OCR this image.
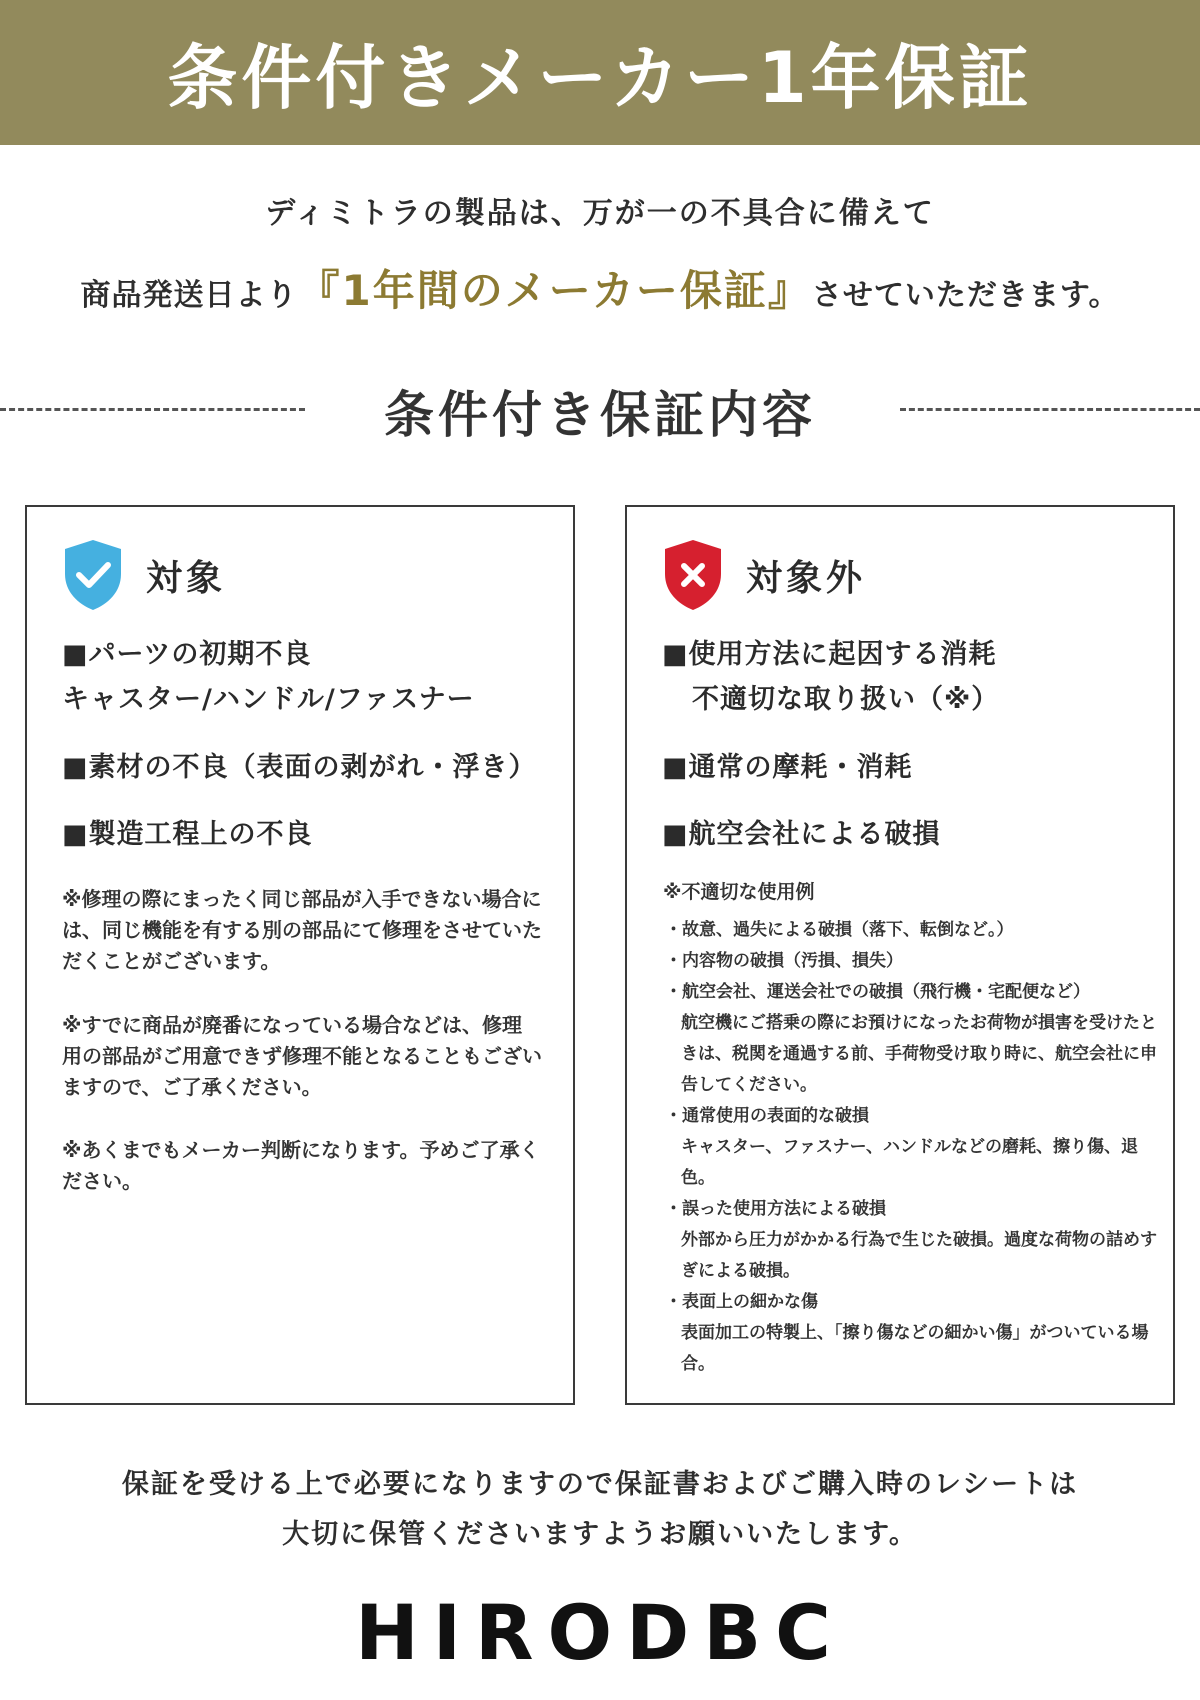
条件付きメーカー1年保証
ディミトラの製品は、万が一の不具合に備えて
商品発送日より『1年間のメーカー保証』させていただきます。
条件付き保証内容
対象
■パーツの初期不良
キャスター/ハンドル/ファスナー
■素材の不良（表面の剥がれ・浮き）
■製造工程上の不良
※修理の際にまったく同じ部品が入手できない場合には、同じ機能を有する別の部品にて修理をさせていただくことがございます。
※すでに商品が廃番になっている場合などは、修理用の部品がご用意できず修理不能となることもございますので、ご了承ください。
※あくまでもメーカー判断になります。予めご了承ください。
対象外
■使用方法に起因する消耗
不適切な取り扱い（※）
■通常の摩耗・消耗
■航空会社による破損
※不適切な使用例
・故意、過失による破損（落下、転倒など。）
・内容物の破損（汚損、損失）
・航空会社、運送会社での破損（飛行機・宅配便など）
航空機にご搭乗の際にお預けになったお荷物が損害を受けたときは、税関を通過する前、手荷物受け取り時に、航空会社に申告してください。
・通常使用の表面的な破損
キャスター、ファスナー、ハンドルなどの磨耗、擦り傷、退色。
・誤った使用方法による破損
外部から圧力がかかる行為で生じた破損。過度な荷物の詰めすぎによる破損。
・表面上の細かな傷
表面加工の特製上、「擦り傷などの細かい傷」がついている場合。
保証を受ける上で必要になりますので保証書およびご購入時のレシートは
大切に保管くださいますようお願いいたします。
HIRODBC
